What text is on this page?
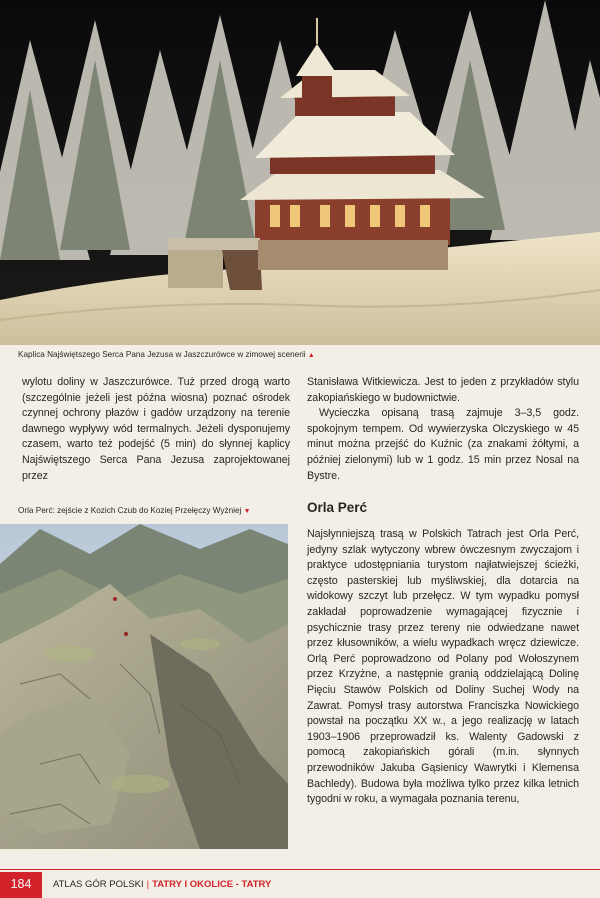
Kaplica Najświętszego Serca Pana Jezusa w Jaszczurówce w zimowej scenerii ▲

wylotu doliny w Jaszczurówce. Tuż przed drogą warto (szczególnie jeżeli jest późna wiosna) poznać ośrodek czynnej ochrony płazów i gadów urządzony na terenie dawnego wypływy wód termalnych. Jeżeli dysponujemy czasem, warto też podejść (5 min) do słynnej kaplicy Najświętszego Serca Pana Jezusa zaprojektowanej przez

Orla Perć: zejście z Kozich Czub do Koziej Przełęczy Wyżniej ▼

Stanisława Witkiewicza. Jest to jeden z przykładów stylu zakopiańskiego w budownictwie.

Wycieczka opisaną trasą zajmuje 3–3,5 godz. spokojnym tempem. Od wywierzyska Olczyskiego w 45 minut można przejść do Kuźnic (za znakami żółtymi, a później zielonymi) lub w 1 godz. 15 min przez Nosal na Bystre.

Orla Perć

Najsłynniejszą trasą w Polskich Tatrach jest Orla Perć, jedyny szlak wytyczony wbrew ówczesnym zwyczajom i praktyce udostępniania turystom najłatwiejszej ścieżki, często pasterskiej lub myśliwskiej, dla dotarcia na widokowy szczyt lub przełęcz. W tym wypadku pomysł zakładał poprowadzenie wymagającej fizycznie i psychicznie trasy przez tereny nie odwiedzane nawet przez kłusowników, a wielu wypadkach wręcz dziewicze. Orlą Perć poprowadzono od Polany pod Wołoszynem przez Krzyżne, a następnie granią oddzielającą Dolinę Pięciu Stawów Polskich od Doliny Suchej Wody na Zawrat. Pomysł trasy autorstwa Franciszka Nowickiego powstał na początku XX w., a jego realizację w latach 1903–1906 przeprowadził ks. Walenty Gadowski z pomocą zakopiańskich górali (m.in. słynnych przewodników Jakuba Gąsienicy Wawrytki i Klemensa Bachledy). Budowa była możliwa tylko przez kilka letnich tygodni w roku, a wymagała poznania terenu,

184	ATLAS GÓR POLSKI | TATRY I OKOLICE - TATRY
